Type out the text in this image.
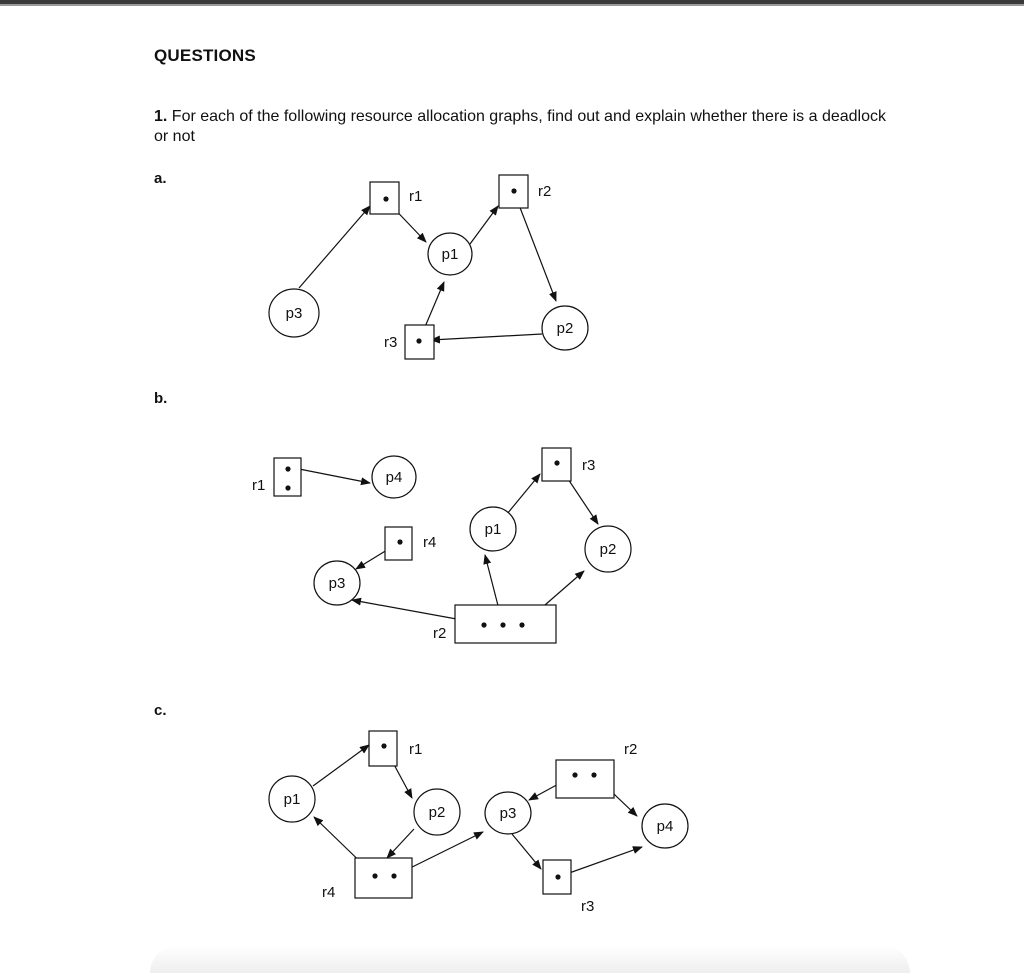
QUESTIONS
1. For each of the following resource allocation graphs, find out and explain whether there is a deadlock or not
a.
b.
c.
r1	r2
r3
p3
p1
p2
r1
r4
r3
r2
p4
p3
p1
p2
r1	r2
r4
r3
p1
p2	p3
p4
